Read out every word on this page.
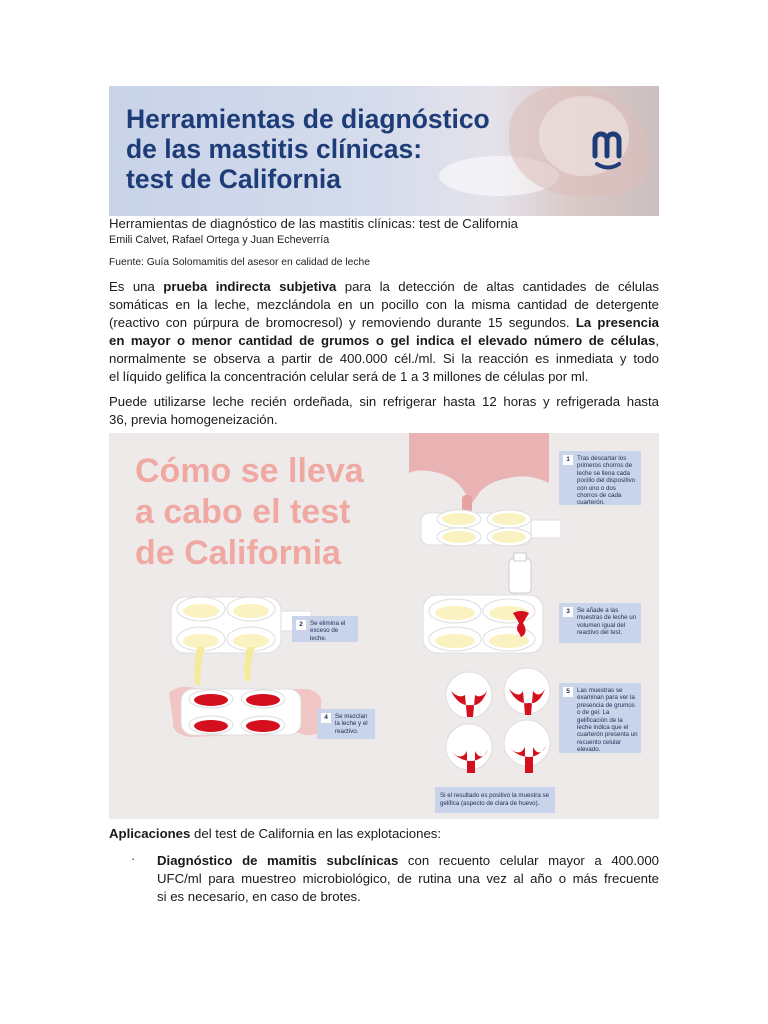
Herramientas de diagnóstico
de las mastitis clínicas:
test de California
Herramientas de diagnóstico de las mastitis clínicas: test de California
Emili Calvet, Rafael Ortega y Juan Echeverría
Fuente: Guía Solomamitis del asesor en calidad de leche
Es una prueba indirecta subjetiva para la detección de altas cantidades de células
somáticas en la leche, mezclándola en un pocillo con la misma cantidad de detergente
(reactivo con púrpura de bromocresol) y removiendo durante 15 segundos. La presencia
en mayor o menor cantidad de grumos o gel indica el elevado número de células,
normalmente se observa a partir de 400.000 cél./ml. Si la reacción es inmediata y todo
el líquido gelifica la concentración celular será de 1 a 3 millones de células por ml.
Puede utilizarse leche recién ordeñada, sin refrigerar hasta 12 horas y refrigerada hasta
36, previa homogeneización.
Cómo se lleva
a cabo el test
de California
1	Tras descartar los primeros chorros de leche se llena cada pocillo del dispositivo con uno o dos chorros de cada cuarterón.
2	Se elimina el exceso de leche.
3	Se añade a las muestras de leche un volumen igual del reactivo del test.
4	Se mezclan la leche y el reactivo.
5	Las muestras se examinan para ver la presencia de grumos o de gel. La gelificación de la leche indica que el cuarterón presenta un recuento celular elevado.
Si el resultado es positivo la muestra se gelifica (aspecto de clara de huevo).
Aplicaciones del test de California en las explotaciones:
· Diagnóstico de mamitis subclínicas con recuento celular mayor a 400.000
UFC/ml para muestreo microbiológico, de rutina una vez al año o más frecuente
si es necesario, en caso de brotes.
